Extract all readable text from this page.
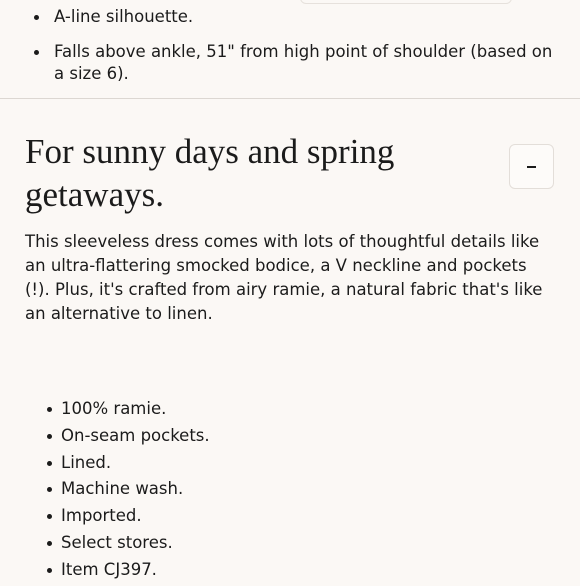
A-line silhouette.
Falls above ankle, 51" from high point of shoulder (based on a size 6).
For sunny days and spring getaways.

This sleeveless dress comes with lots of thoughtful details like an ultra-flattering smocked bodice, a V neckline and pockets (!). Plus, it's crafted from airy ramie, a natural fabric that's like an alternative to linen.

100% ramie.
On-seam pockets.
Lined.
Machine wash.
Imported.
Select stores.
Item CJ397.
